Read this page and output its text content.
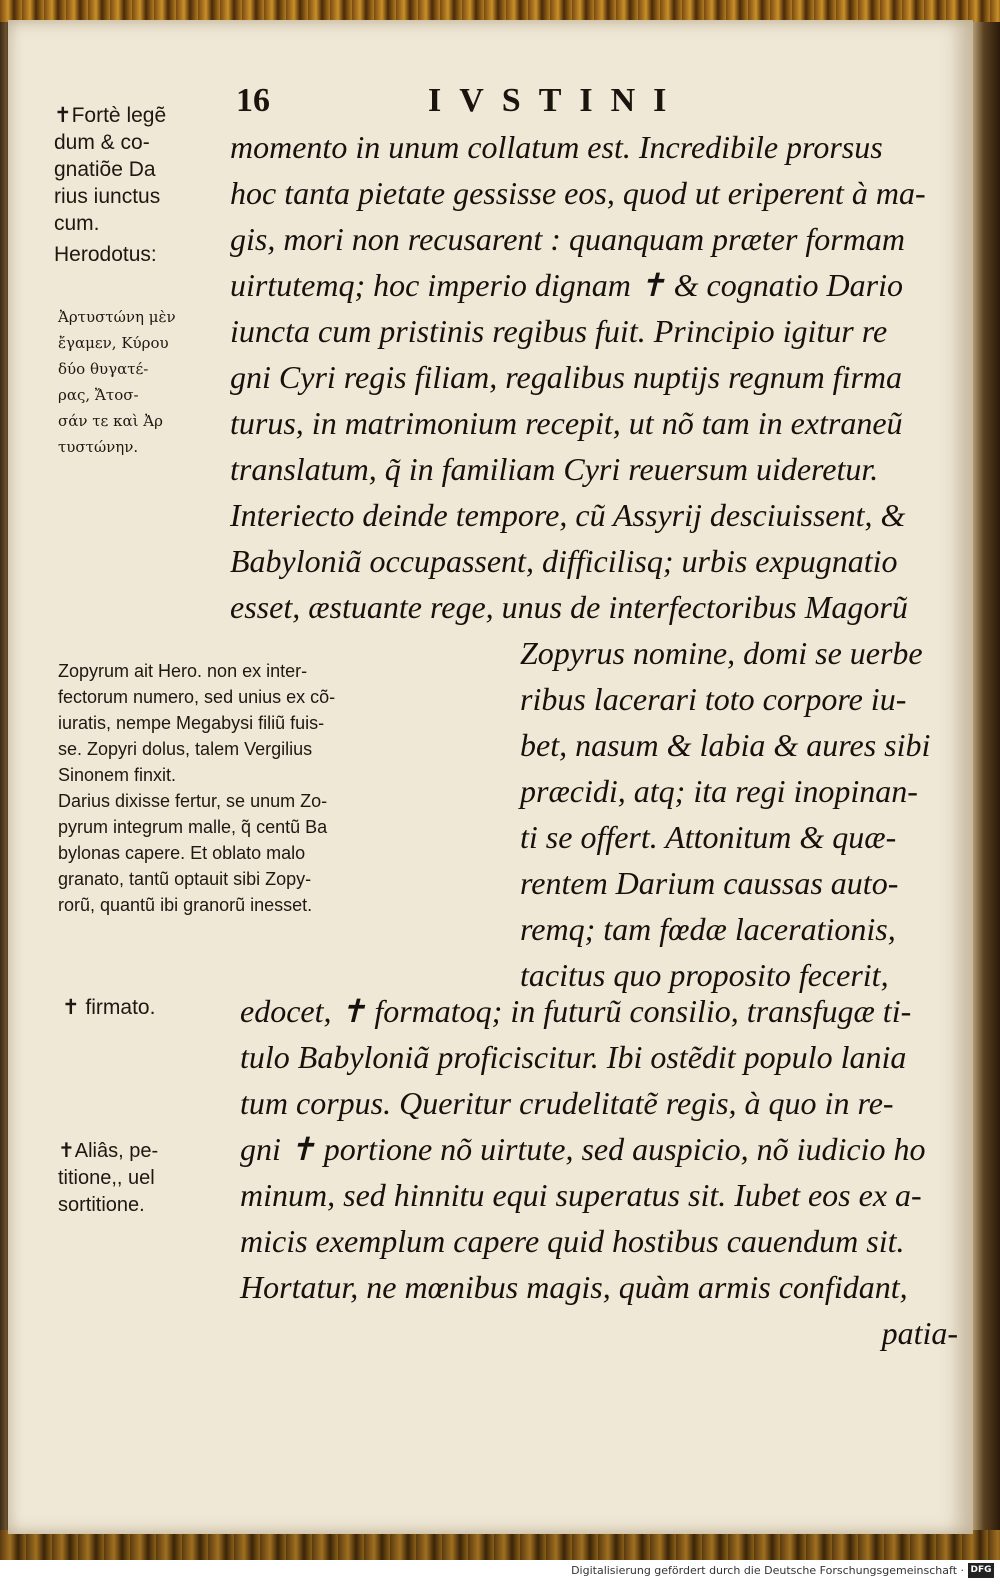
16	IVSTINI
momento in unum collatum est. Incredibile prorsus
hoc tanta pietate gessisse eos, quod ut eriperent à ma-
gis, mori non recusarent : quanquam præter formam
uirtutemq; hoc imperio dignam ✝ & cognatio Dario
iuncta cum pristinis regibus fuit. Principio igitur re
gni Cyri regis filiam, regalibus nuptijs regnum firma
turus, in matrimonium recepit, ut nõ tam in extraneũ
translatum, q̃ in familiam Cyri reuersum uideretur.
Interiecto deinde tempore, cũ Assyrij desciuissent, &
Babyloniã occupassent, difficilisq; urbis expugnatio
esset, æstuante rege, unus de interfectoribus Magorũ
Zopyrus nomine, domi se uerbe
ribus lacerari toto corpore iu-
bet, nasum & labia & aures sibi
præcidi, atq; ita regi inopinan-
ti se offert. Attonitum & quæ-
rentem Darium caussas auto-
remq; tam fœdæ lacerationis,
tacitus quo proposito fecerit,
edocet, ✝ formatoq; in futurũ consilio, transfugæ ti-
tulo Babyloniã proficiscitur. Ibi ostẽdit populo lania
tum corpus. Queritur crudelitatẽ regis, à quo in re-
gni ✝ portione nõ uirtute, sed auspicio, nõ iudicio ho
minum, sed hinnitu equi superatus sit. Iubet eos ex a-
micis exemplum capere quid hostibus cauendum sit.
Hortatur, ne mœnibus magis, quàm armis confidant,
patia-
✝Fortè legẽ
dum & co-
gnatiõe Da
rius iunctus
cum.
Herodotus:
Ἀρτυστώνη μὲν
ἔγαμεν, Κύρου
δύο θυγατέ-
ρας, Ἄτοσ-
σάν τε καὶ Ἀρ
τυστώνην.
Zopyrum ait Hero. non ex inter-
fectorum numero, sed unius ex cõ-
iuratis, nempe Megabysi filiũ fuis-
se. Zopyri dolus, talem Vergilius
Sinonem finxit.
Darius dixisse fertur, se unum Zo-
pyrum integrum malle, q̃ centũ Ba
bylonas capere. Et oblato malo
granato, tantũ optauit sibi Zopy-
rorũ, quantũ ibi granorũ inesset.
✝ firmato.
✝Aliâs, pe-
titione,, uel
sortitione.
Digitalisierung gefördert durch die Deutsche Forschungsgemeinschaft · DFG
